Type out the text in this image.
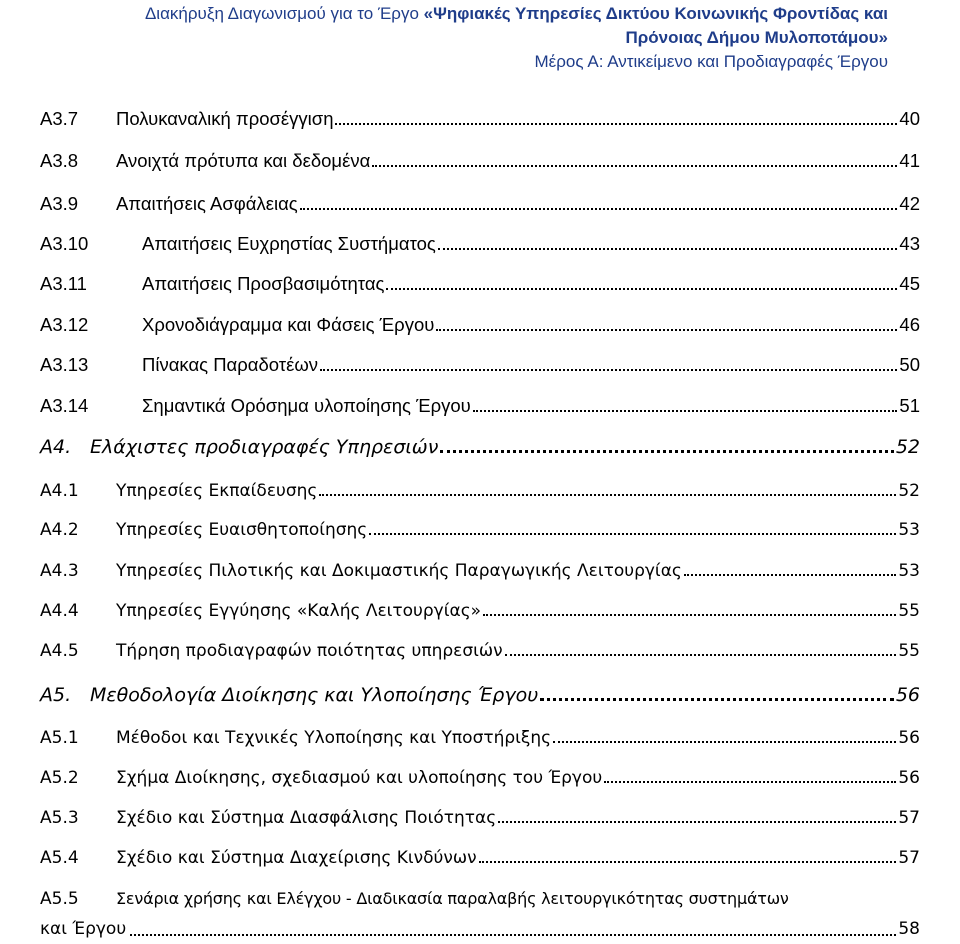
Διακήρυξη Διαγωνισμού για το Έργο «Ψηφιακές Υπηρεσίες Δικτύου Κοινωνικής Φροντίδας και
Πρόνοιας Δήμου Μυλοποτάμου»
Μέρος Α: Αντικείμενο και Προδιαγραφές Έργου
Α3.7	Πολυκαναλική προσέγγιση	40
Α3.8	Ανοιχτά πρότυπα και δεδομένα	41
Α3.9	Απαιτήσεις Ασφάλειας	42
Α3.10	Απαιτήσεις Ευχρηστίας Συστήματος	43
Α3.11	Απαιτήσεις Προσβασιμότητας	45
Α3.12	Χρονοδιάγραμμα και Φάσεις Έργου	46
Α3.13	Πίνακας Παραδοτέων	50
Α3.14	Σημαντικά Ορόσημα υλοποίησης Έργου	51
Α4. Ελάχιστες προδιαγραφές Υπηρεσιών	52
Α4.1	Υπηρεσίες Εκπαίδευσης	52
Α4.2	Υπηρεσίες Ευαισθητοποίησης	53
Α4.3	Υπηρεσίες Πιλοτικής και Δοκιμαστικής Παραγωγικής Λειτουργίας	53
Α4.4	Υπηρεσίες Εγγύησης «Καλής Λειτουργίας»	55
Α4.5	Τήρηση προδιαγραφών ποιότητας υπηρεσιών	55
Α5. Μεθοδολογία Διοίκησης και Υλοποίησης Έργου	56
Α5.1	Μέθοδοι και Τεχνικές Υλοποίησης και Υποστήριξης	56
Α5.2	Σχήμα Διοίκησης, σχεδιασμού και υλοποίησης του Έργου	56
Α5.3	Σχέδιο και Σύστημα Διασφάλισης Ποιότητας	57
Α5.4	Σχέδιο και Σύστημα Διαχείρισης Κινδύνων	57
Α5.5	Σενάρια χρήσης και Ελέγχου - Διαδικασία παραλαβής λειτουργικότητας συστημάτων
και Έργου	58
